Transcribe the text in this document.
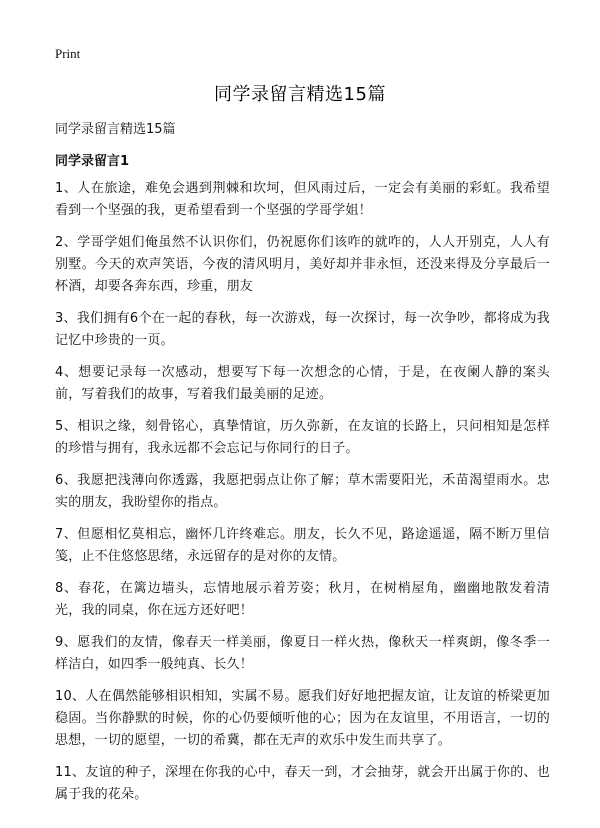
Print
同学录留言精选15篇
同学录留言精选15篇
同学录留言1

1、人在旅途，难免会遇到荆棘和坎坷，但风雨过后，一定会有美丽的彩虹。我希望看到一个坚强的我，更希望看到一个坚强的学哥学姐！

2、学哥学姐们俺虽然不认识你们，仍祝愿你们该咋的就咋的，人人开别克，人人有别墅。今天的欢声笑语，今夜的清风明月，美好却并非永恒，还没来得及分享最后一杯酒，却要各奔东西，珍重，朋友

3、我们拥有6个在一起的春秋，每一次游戏，每一次探讨，每一次争吵，都将成为我记忆中珍贵的一页。

4、想要记录每一次感动，想要写下每一次想念的心情，于是，在夜阑人静的案头前，写着我们的故事，写着我们最美丽的足迹。

5、相识之缘，刻骨铭心，真挚情谊，历久弥新，在友谊的长路上，只问相知是怎样的珍惜与拥有，我永远都不会忘记与你同行的日子。

6、我愿把浅薄向你透露，我愿把弱点让你了解；草木需要阳光，禾苗渴望雨水。忠实的朋友，我盼望你的指点。

7、但愿相忆莫相忘，幽怀几许终难忘。朋友，长久不见，路途遥遥，隔不断万里信笺，止不住悠悠思绪，永远留存的是对你的友情。

8、春花，在篱边墙头，忘情地展示着芳姿；秋月，在树梢屋角，幽幽地散发着清光，我的同桌，你在远方还好吧！

9、愿我们的友情，像春天一样美丽，像夏日一样火热，像秋天一样爽朗，像冬季一样洁白，如四季一般纯真、长久！

10、人在偶然能够相识相知，实属不易。愿我们好好地把握友谊，让友谊的桥梁更加稳固。当你静默的时候，你的心仍要倾听他的心；因为在友谊里，不用语言，一切的思想，一切的愿望，一切的希冀，都在无声的欢乐中发生而共享了。

11、友谊的种子，深埋在你我的心中，春天一到，才会抽芽，就会开出属于你的、也属于我的花朵。
